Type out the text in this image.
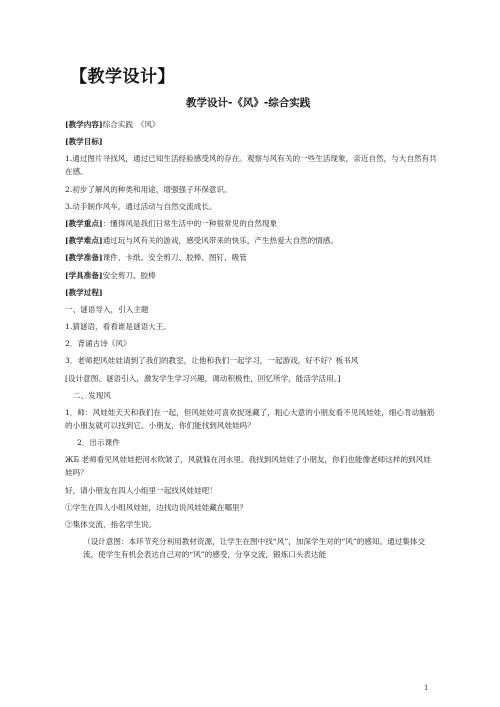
【教学设计】
教学设计-《风》-综合实践

[教学内容]综合实践　《风》

[教学目标]

1.通过图片寻找风，通过已知生活经验感受风的存在。观察与风有关的一些生活现象，亲近自然，与大自然有共在感。

2.初步了解风的种类和用途，增强强子环保意识。

3.动手制作风车，通过活动与自然交流成长。

[教学重点]：懂得风是我们日常生活中的一种很常见的自然现象

[教学难点]通过玩与风有关的游戏，感受风带来的快乐，产生热爱大自然的情感。

[教学准备]课件、卡纸、安全剪刀、胶棒、图钉、吸管

[学具准备]安全剪刀、胶棒

[教学过程]

一、谜语导入，引入主题

1.猜谜语，看看谁是谜语大王。

2．背诵古诗《风》

3．老师把风娃娃请到了我们的教室，让他和我们一起学习，一起游戏，好不好？板书风

[设计意图、谜语引入，激发学生学习兴趣，调动积极性，回忆所学，能活学活用。]

二、发现风

1．师：风娃娃天天和我们在一起，但风娃娃可喜欢捉迷藏了，粗心大意的小朋友看不见风娃娃，细心肯动脑筋的小朋友就可以找到它。小朋友，你们能找到风娃娃吗？

2．出示课件

ЖБ 老师看见风娃娃把河水吹皱了，风就躲在河水里。我找到风娃娃了小朋友，你们也能像老师这样的到风娃娃吗？

好，请小朋友在四人小组里一起找风娃娃吧！

①学生在四人小组风娃娃，边找边说风娃娃藏在哪里？

②集体交流，指名学生说。

（设计意图：本环节充分利用教材资源，让学生在图中找“风”，加深学生对的“风”的感知。通过集体交流，使学生有机会表达自己对的“风”的感受，分享交流，锻炼口头表达能

1
